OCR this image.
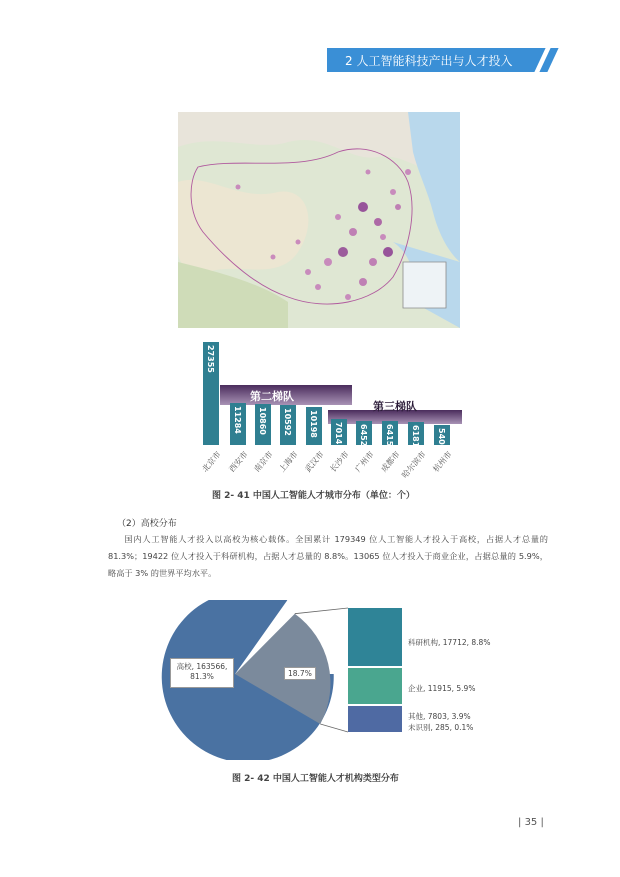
2 人工智能科技产出与人才投入
第二梯队
第三梯队
27355
北京市
11284
西安市
10860
南京市
10592
上海市
10198
武汉市
7014
长沙市
6452
广州市
6415
成都市
6181
哈尔滨市
5401
杭州市
图 2- 41 中国人工智能人才城市分布（单位：个）
（2）高校分布
国内人工智能人才投入以高校为核心载体。全国累计 179349 位人工智能人才投入于高校，占据人才总量的 81.3%；19422 位人才投入于科研机构，占据人才总量的 8.8%。13065 位人才投入于商业企业，占据总量的 5.9%，略高于 3% 的世界平均水平。
高校, 163566,
81.3%	18.7%
科研机构, 17712, 8.8%
企业, 11915, 5.9%
其他, 7803, 3.9%
未识别, 285, 0.1%
图 2- 42 中国人工智能人才机构类型分布
| 35 |
